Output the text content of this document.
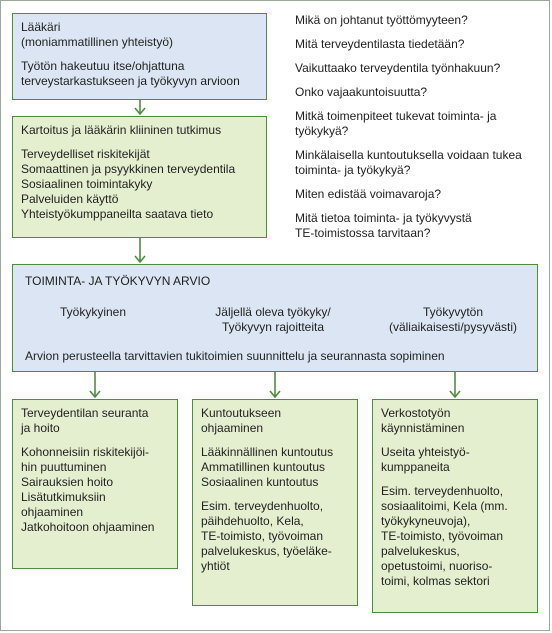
Lääkäri
(moniammatillinen yhteistyö)
Työtön hakeutuu itse/ohjattuna
terveystarkastukseen ja työkyvyn arvioon
Kartoitus ja lääkärin kliininen tutkimus
Terveydelliset riskitekijät
Somaattinen ja psyykkinen terveydentila
Sosiaalinen toimintakyky
Palveluiden käyttö
Yhteistyökumppaneilta saatava tieto
Mikä on johtanut työttömyyteen?
Mitä terveydentilasta tiedetään?
Vaikuttaako terveydentila työnhakuun?
Onko vajaakuntoisuutta?
Mitkä toimenpiteet tukevat toiminta- ja
työkykyä?
Minkälaisella kuntoutuksella voidaan tukea
toiminta- ja työkykyä?
Miten edistää voimavaroja?
Mitä tietoa toiminta- ja työkyvystä
TE-toimistossa tarvitaan?
TOIMINTA- JA TYÖKYVYN ARVIO
Työkykyinen	Jäljellä oleva työkyky/
Työkyvyn rajoitteita
Työkyvytön
(väliaikaisesti/pysyvästi)
Arvion perusteella tarvittavien tukitoimien suunnittelu ja seurannasta sopiminen
Terveydentilan seuranta
ja hoito
Kohonneisiin riskitekijöi-
hin puuttuminen
Sairauksien hoito
Lisätutkimuksiin
ohjaaminen
Jatkohoitoon ohjaaminen
Kuntoutukseen
ohjaaminen
Lääkinnällinen kuntoutus
Ammatillinen kuntoutus
Sosiaalinen kuntoutus
Esim. terveydenhuolto,
päihdehuolto, Kela,
TE-toimisto, työvoiman
palvelukeskus, työeläke-
yhtiöt
Verkostotyön
käynnistäminen
Useita yhteistyö-
kumppaneita
Esim. terveydenhuolto,
sosiaalitoimi, Kela (mm.
työkykyneuvoja),
TE-toimisto, työvoiman
palvelukeskus,
opetustoimi, nuoriso-
toimi, kolmas sektori
